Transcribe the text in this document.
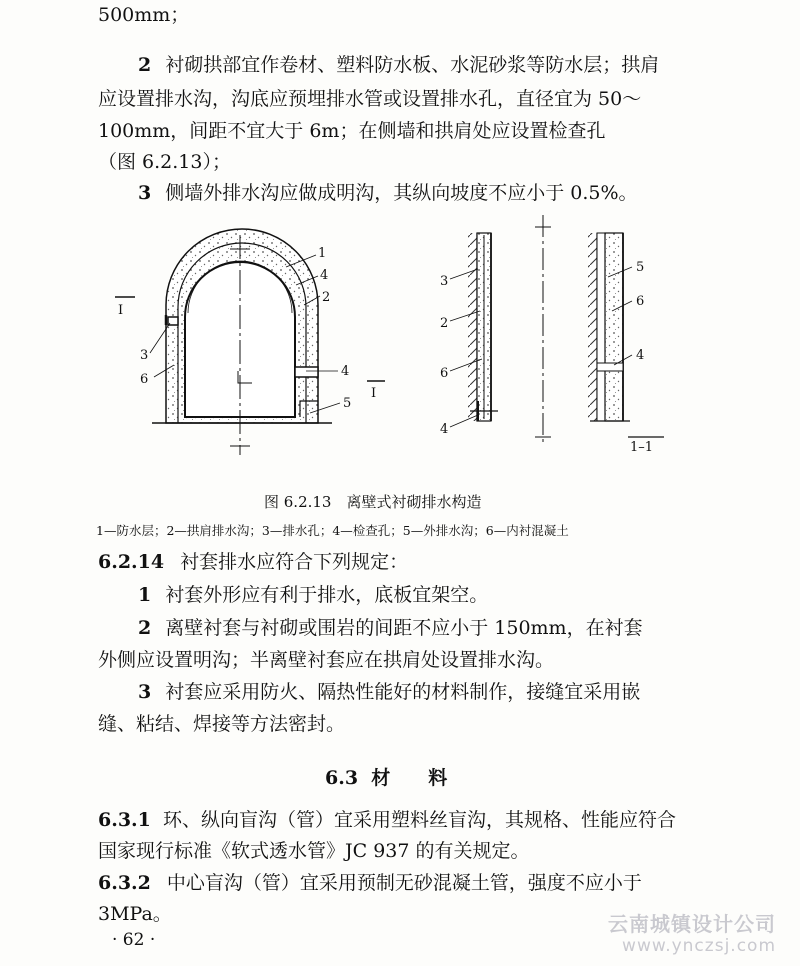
500mm；
2 衬砌拱部宜作卷材、塑料防水板、水泥砂浆等防水层；拱肩
应设置排水沟，沟底应预埋排水管或设置排水孔，直径宜为 50～
100mm，间距不宜大于 6m；在侧墙和拱肩处应设置检查孔
（图 6.2.13）；
3 侧墙外排水沟应做成明沟，其纵向坡度不应小于 0.5%。
1
4
2
3
6
4
5
I
I
3
2
6
4
5
6
4
1–1
图 6.2.13　离壁式衬砌排水构造
1—防水层；2—拱肩排水沟；3—排水孔；4—检查孔；5—外排水沟；6—内衬混凝土
6.2.14 衬套排水应符合下列规定：
1 衬套外形应有利于排水，底板宜架空。
2 离壁衬套与衬砌或围岩的间距不应小于 150mm，在衬套
外侧应设置明沟；半离壁衬套应在拱肩处设置排水沟。
3 衬套应采用防火、隔热性能好的材料制作，接缝宜采用嵌
缝、粘结、焊接等方法密封。
6.3 材　　料
6.3.1 环、纵向盲沟（管）宜采用塑料丝盲沟，其规格、性能应符合
国家现行标准《软式透水管》JC 937 的有关规定。
6.3.2 中心盲沟（管）宜采用预制无砂混凝土管，强度不应小于
3MPa。
· 62 ·
云南城镇设计公司
www.ynczsj.com
